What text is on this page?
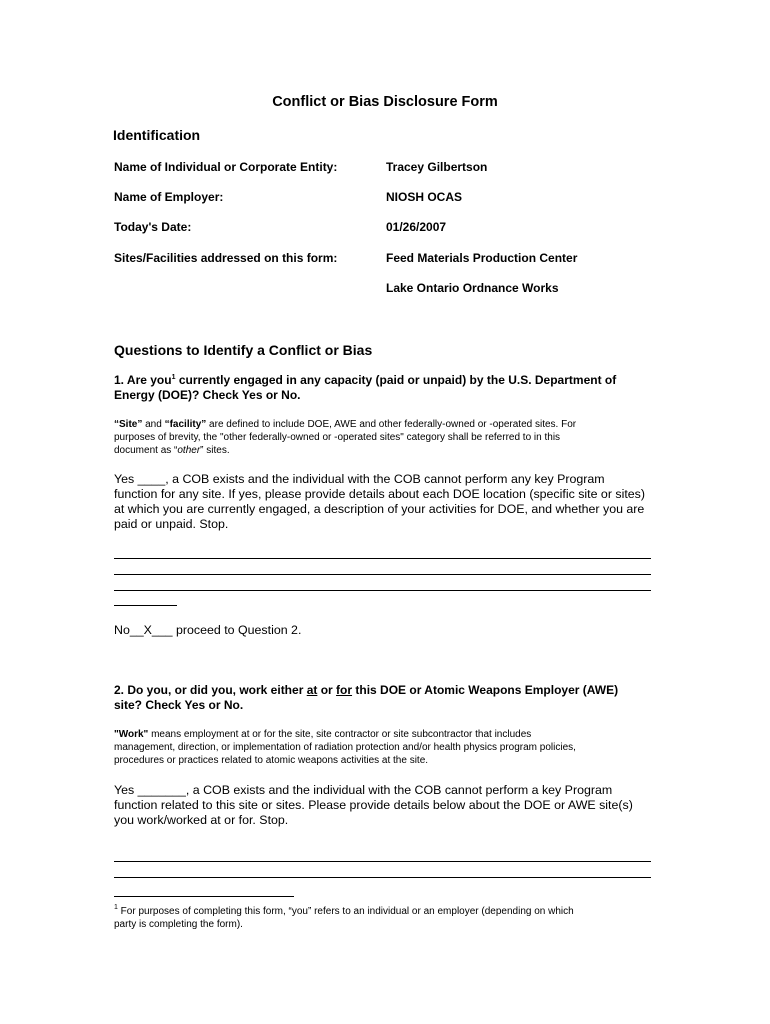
Conflict or Bias Disclosure Form
Identification
Name of Individual or Corporate Entity:	Tracey Gilbertson
Name of Employer:	NIOSH OCAS
Today's Date:	01/26/2007
Sites/Facilities addressed on this form:	Feed Materials Production Center
Lake Ontario Ordnance Works
Questions to Identify a Conflict or Bias
1. Are you$^1$ currently engaged in any capacity (paid or unpaid) by the U.S. Department of
Energy (DOE)? Check Yes or No.
“Site” and “facility” are defined to include DOE, AWE and other federally-owned or -operated sites. For
purposes of brevity, the "other federally-owned or -operated sites" category shall be referred to in this
document as “other” sites.
Yes ____, a COB exists and the individual with the COB cannot perform any key Program
function for any site. If yes, please provide details about each DOE location (specific site or sites)
at which you are currently engaged, a description of your activities for DOE, and whether you are
paid or unpaid. Stop.
No__X___ proceed to Question 2.
2. Do you, or did you, work either at or for this DOE or Atomic Weapons Employer (AWE)
site? Check Yes or No.
"Work" means employment at or for the site, site contractor or site subcontractor that includes
management, direction, or implementation of radiation protection and/or health physics program policies,
procedures or practices related to atomic weapons activities at the site.
Yes _______, a COB exists and the individual with the COB cannot perform a key Program
function related to this site or sites. Please provide details below about the DOE or AWE site(s)
you work/worked at or for. Stop.
$^1$ For purposes of completing this form, “you” refers to an individual or an employer (depending on which
party is completing the form).
